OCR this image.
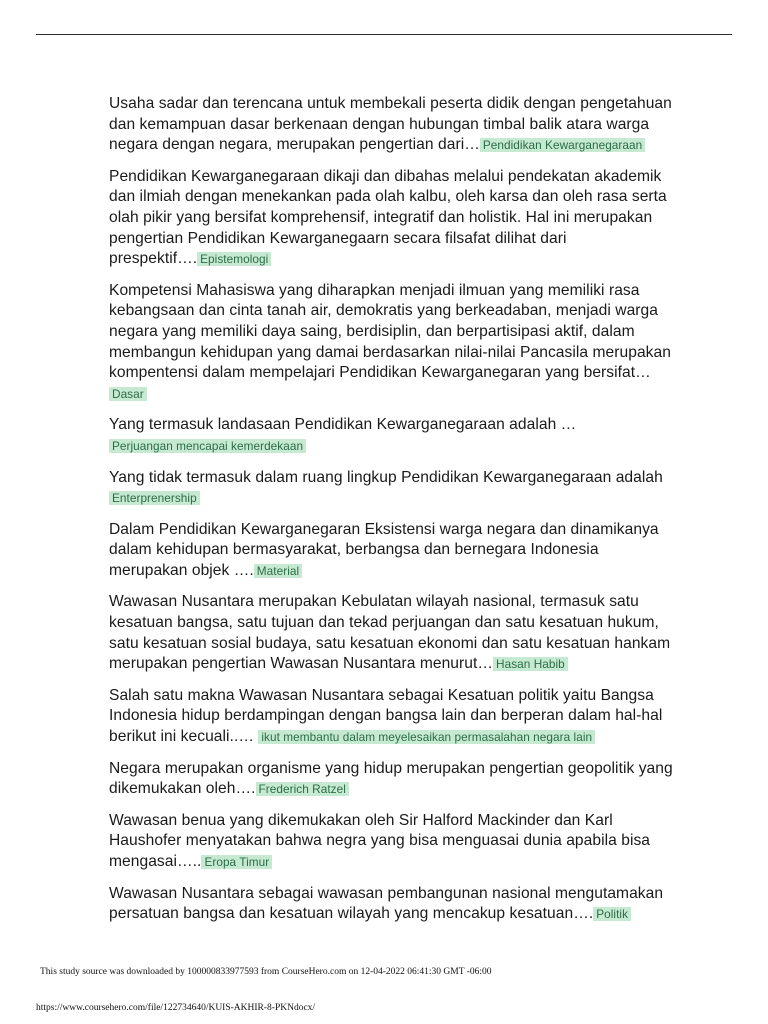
Usaha sadar dan terencana untuk membekali peserta didik dengan pengetahuan dan kemampuan dasar berkenaan dengan hubungan timbal balik atara warga negara dengan negara, merupakan pengertian dari… Pendidikan Kewarganegaraan

Pendidikan Kewarganegaraan dikaji dan dibahas melalui pendekatan akademik dan ilmiah dengan menekankan pada olah kalbu, oleh karsa dan oleh rasa serta olah pikir yang bersifat komprehensif, integratif dan holistik. Hal ini merupakan pengertian Pendidikan Kewarganegaarn secara filsafat dilihat dari prespektif…. Epistemologi

Kompetensi Mahasiswa yang diharapkan menjadi ilmuan yang memiliki rasa kebangsaan dan cinta tanah air, demokratis yang berkeadaban, menjadi warga negara yang memiliki daya saing, berdisiplin, dan berpartisipasi aktif, dalam membangun kehidupan yang damai berdasarkan nilai-nilai Pancasila merupakan kompentensi dalam mempelajari Pendidikan Kewarganegaran yang bersifat…Dasar

Yang termasuk landasaan Pendidikan Kewarganegaraan adalah …
Perjuangan mencapai kemerdekaan

Yang tidak termasuk dalam ruang lingkup Pendidikan Kewarganegaraan adalah Enterprenership

Dalam Pendidikan Kewarganegaran Eksistensi warga negara dan dinamikanya dalam kehidupan bermasyarakat, berbangsa dan bernegara Indonesia merupakan objek …. Material

Wawasan Nusantara merupakan Kebulatan wilayah nasional, termasuk satu kesatuan bangsa, satu tujuan dan tekad perjuangan dan satu kesatuan hukum, satu kesatuan sosial budaya, satu kesatuan ekonomi dan satu kesatuan hankam merupakan pengertian Wawasan Nusantara menurut… Hasan Habib

Salah satu makna Wawasan Nusantara sebagai Kesatuan politik yaitu Bangsa Indonesia hidup berdampingan dengan bangsa lain dan berperan dalam hal-hal berikut ini kecuali..… ikut membantu dalam meyelesaikan permasalahan negara lain

Negara merupakan organisme yang hidup merupakan pengertian geopolitik yang dikemukakan oleh…. Frederich Ratzel

Wawasan benua yang dikemukakan oleh Sir Halford Mackinder dan Karl Haushofer menyatakan bahwa negra yang bisa menguasai dunia apabila bisa mengasai….. Eropa Timur

Wawasan Nusantara sebagai wawasan pembangunan nasional mengutamakan persatuan bangsa dan kesatuan wilayah yang mencakup kesatuan…. Politik

This study source was downloaded by 100000833977593 from CourseHero.com on 12-04-2022 06:41:30 GMT -06:00
https://www.coursehero.com/file/122734640/KUIS-AKHIR-8-PKNdocx/
